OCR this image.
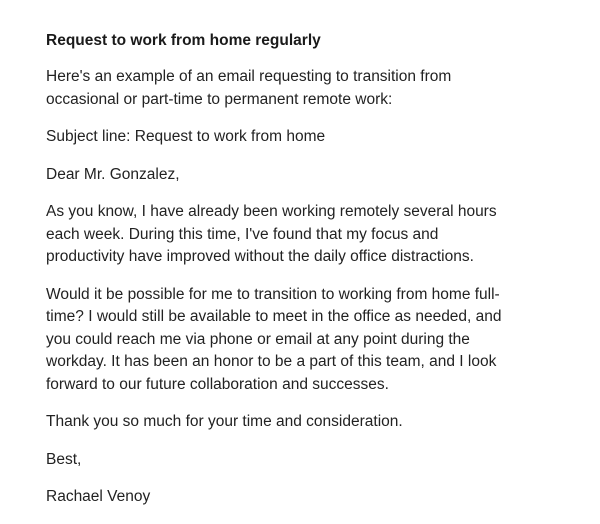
Request to work from home regularly
Here's an example of an email requesting to transition from
occasional or part-time to permanent remote work:
Subject line: Request to work from home
Dear Mr. Gonzalez,
As you know, I have already been working remotely several hours
each week. During this time, I've found that my focus and
productivity have improved without the daily office distractions.
Would it be possible for me to transition to working from home full-
time? I would still be available to meet in the office as needed, and
you could reach me via phone or email at any point during the
workday. It has been an honor to be a part of this team, and I look
forward to our future collaboration and successes.
Thank you so much for your time and consideration.
Best,
Rachael Venoy
